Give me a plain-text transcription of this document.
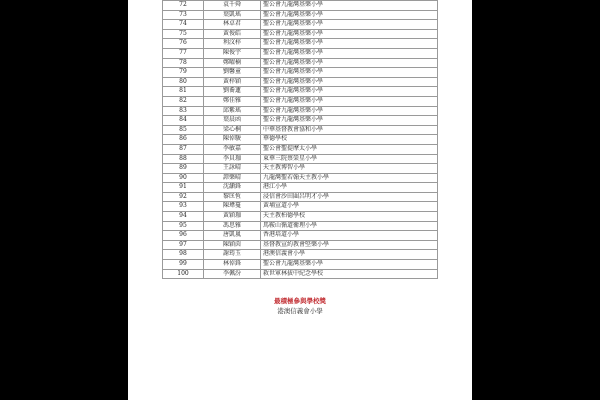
72	袁千舜	聖公會九龍灣基樂小學
73	葉凱瑤	聖公會九龍灣基樂小學
74	林卓君	聖公會九龍灣基樂小學
75	黃俊皓	聖公會九龍灣基樂小學
76	利汶梓	聖公會九龍灣基樂小學
77	陳俊宇	聖公會九龍灣基樂小學
78	鄭曜楠	聖公會九龍灣基樂小學
79	劉馨童	聖公會九龍灣基樂小學
80	黃梓穎	聖公會九龍灣基樂小學
81	劉蕎蓮	聖公會九龍灣基樂小學
82	鄭佳雅	聖公會九龍灣基樂小學
83	邱紫瑤	聖公會九龍灣基樂小學
84	葉晨函	聖公會九龍灣基樂小學
85	梁心桐	中華基督教會協和小學
86	陳倬駿	華德學校
87	李敏嘉	聖公會聖提摩太小學
88	李貝珈	東華三院蔡榮星小學
89	王詠晴	天主教博智小學
90	譚樂晴	九龍灣聖若翰天主教小學
91	沈灝鋒	港江小學
92	黎匡恆	浸信會沙田圍呂明才小學
93	陳瑋蔓	黃埔宣道小學
94	黃穎珈	天主教柏德學校
95	馮思雅	馬鞍山循道衛理小學
96	唐凱嵐	香港培道小學
97	陳穎茵	基督教宣約教會堅樂小學
98	謝筠玉	港澳信義會小學
99	林倬鋒	聖公會九龍灣基樂小學
100	李佩汾	救世軍林拔中紀念學校
最積極參與學校獎
港澳信義會小學
